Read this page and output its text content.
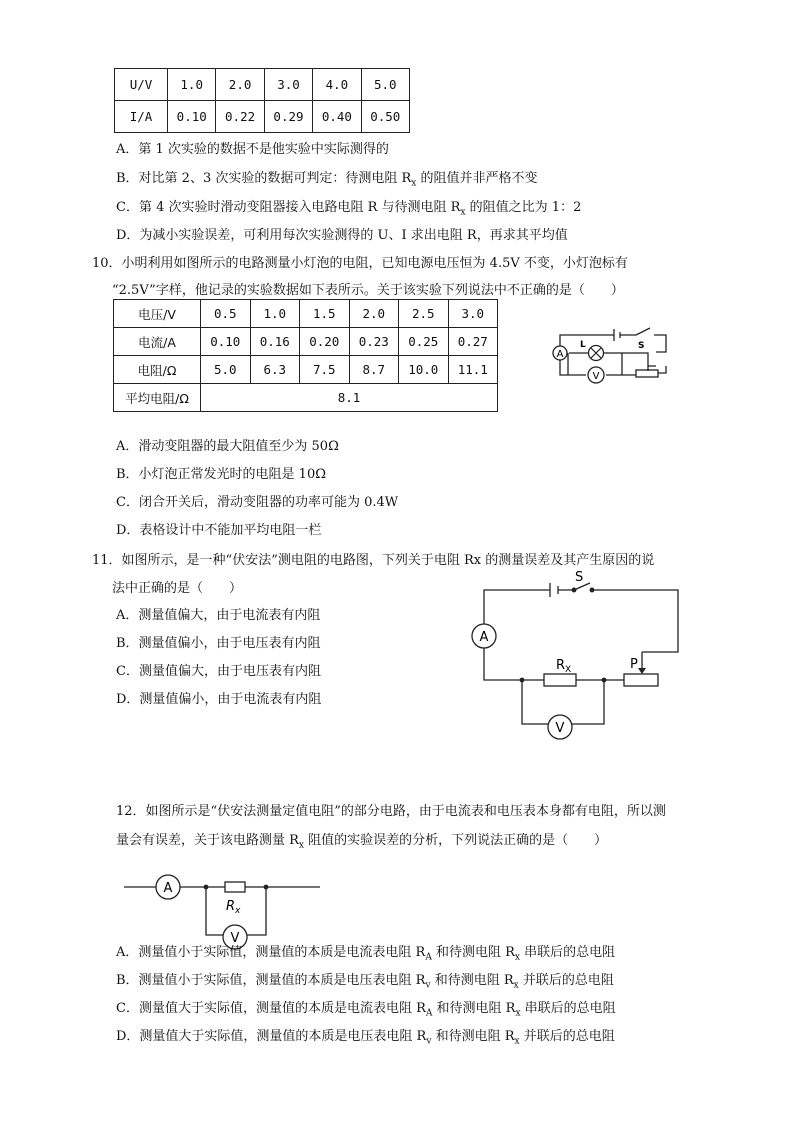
U/V	1.0	2.0	3.0	4.0	5.0
I/A	0.10	0.22	0.29	0.40	0.50
A．第 1 次实验的数据不是他实验中实际测得的
B．对比第 2、3 次实验的数据可判定：待测电阻 $R_x$ 的阻值并非严格不变
C．第 4 次实验时滑动变阻器接入电路电阻 R 与待测电阻 $R_x$ 的阻值之比为 1：2
D．为减小实验误差，可利用每次实验测得的 U、I 求出电阻 R，再求其平均值
10．小明利用如图所示的电路测量小灯泡的电阻，已知电源电压恒为 4.5V 不变，小灯泡标有
“2.5V”字样，他记录的实验数据如下表所示。关于该实验下列说法中不正确的是（　　）
电压/V	0.5	1.0	1.5	2.0	2.5	3.0
电流/A	0.10	0.16	0.20	0.23	0.25	0.27
电阻/Ω	5.0	6.3	7.5	8.7	10.0	11.1
平均电阻/Ω	8.1					
A
L
V
S
A．滑动变阻器的最大阻值至少为 50Ω
B．小灯泡正常发光时的电阻是 10Ω
C．闭合开关后，滑动变阻器的功率可能为 0.4W
D．表格设计中不能加平均电阻一栏
11．如图所示，是一种“伏安法”测电阻的电路图，下列关于电阻 Rx 的测量误差及其产生原因的说
法中正确的是（　　）
A．测量值偏大，由于电流表有内阻
B．测量值偏小，由于电压表有内阻
C．测量值偏大，由于电压表有内阻
D．测量值偏小，由于电流表有内阻
A
V
S
$R_X$	P
12．如图所示是“伏安法测量定值电阻”的部分电路，由于电流表和电压表本身都有电阻，所以测
量会有误差，关于该电路测量 $R_x$ 阻值的实验误差的分析，下列说法正确的是（　　）
A
V
$R_x$
A．测量值小于实际值，测量值的本质是电流表电阻 $R_A$ 和待测电阻 $R_x$ 串联后的总电阻
B．测量值小于实际值，测量值的本质是电压表电阻 $R_v$ 和待测电阻 $R_x$ 并联后的总电阻
C．测量值大于实际值，测量值的本质是电流表电阻 $R_A$ 和待测电阻 $R_x$ 串联后的总电阻
D．测量值大于实际值，测量值的本质是电压表电阻 $R_v$ 和待测电阻 $R_x$ 并联后的总电阻
